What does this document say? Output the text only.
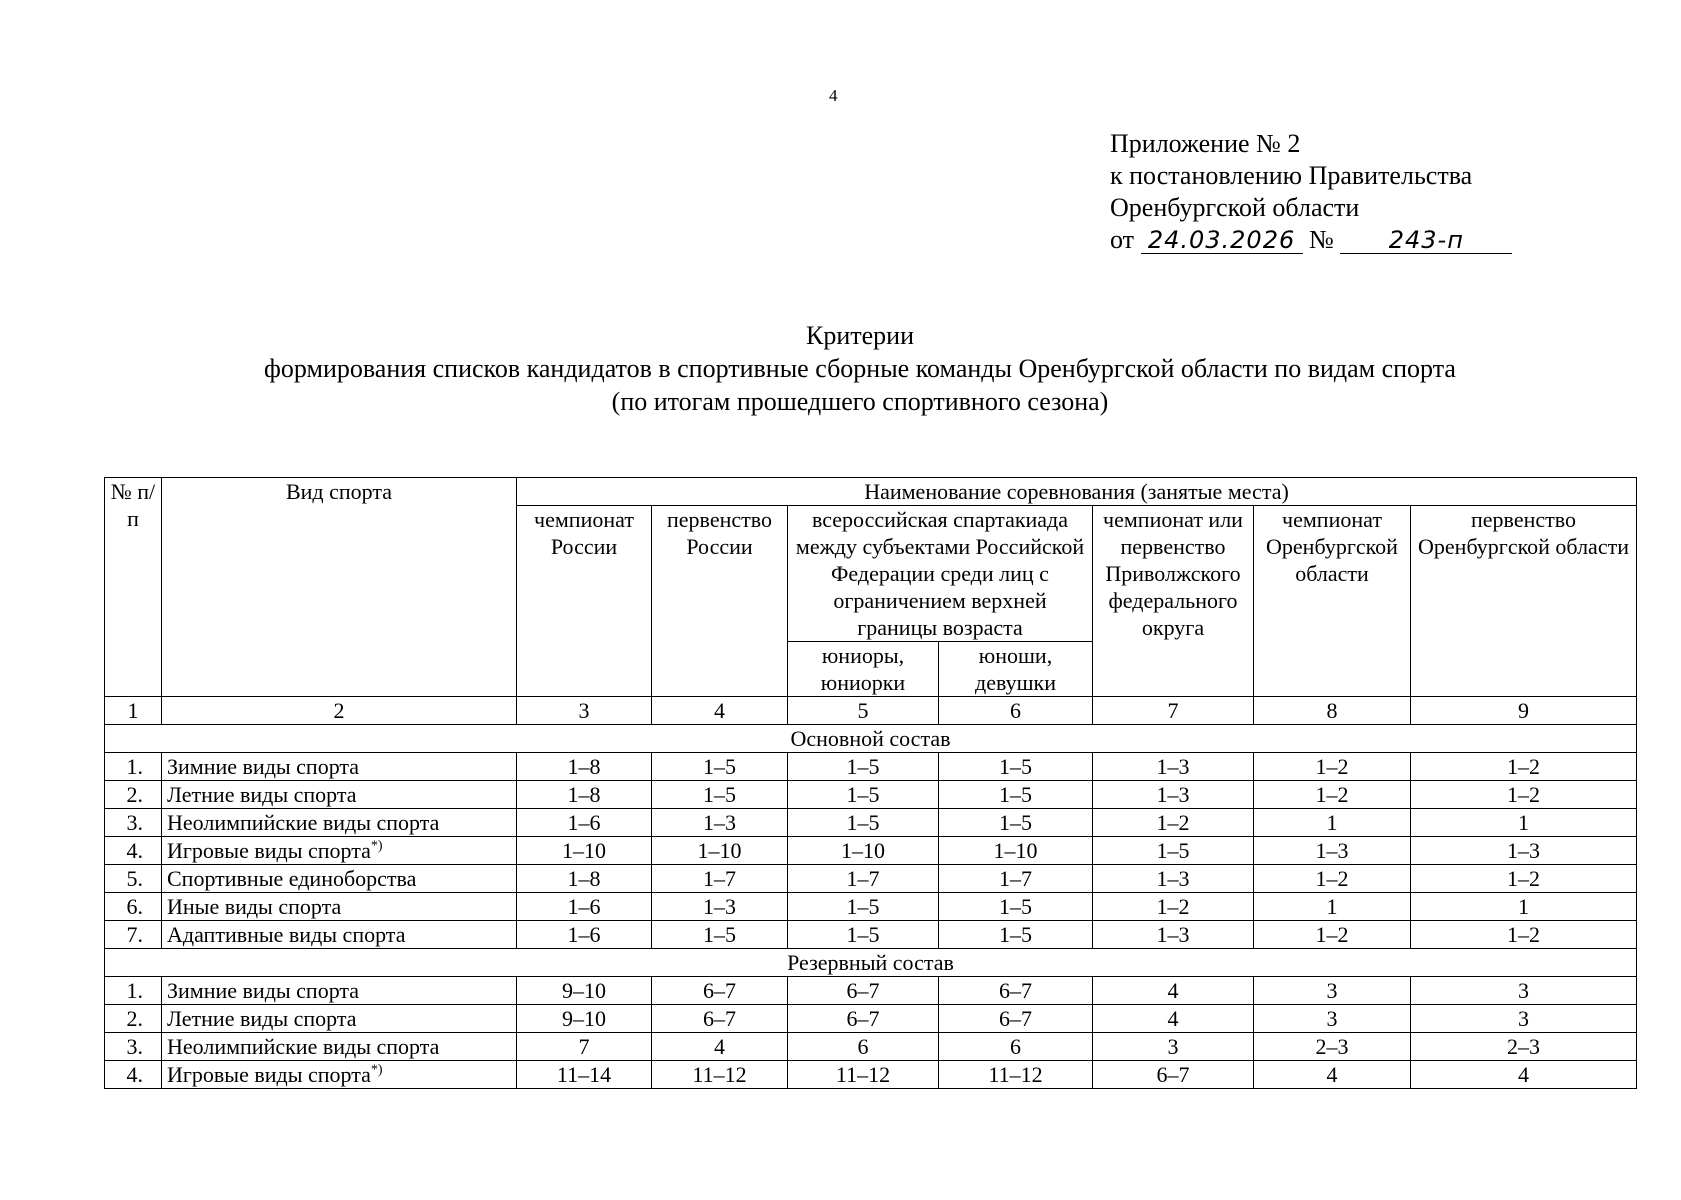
4
Приложение № 2
к постановлению Правительства
Оренбургской области
от 24.03.2026 № 243-п
Критерии
формирования списков кандидатов в спортивные сборные команды Оренбургской области по видам спорта
(по итогам прошедшего спортивного сезона)
№ п/п	Вид спорта	Наименование соревнования (занятые места)						
		чемпионат России	первенство России	всероссийская спартакиада между субъектами Российской Федерации среди лиц с ограничением верхней границы возраста		чемпионат или первенство Приволжского федерального округа	чемпионат Оренбургской области	первенство Оренбургской области
				юниоры, юниорки	юноши, девушки			
1	2	3	4	5	6	7	8	9
Основной состав								
1.	Зимние виды спорта	1–8	1–5	1–5	1–5	1–3	1–2	1–2
2.	Летние виды спорта	1–8	1–5	1–5	1–5	1–3	1–2	1–2
3.	Неолимпийские виды спорта	1–6	1–3	1–5	1–5	1–2	1	1
4.	Игровые виды спорта*)	1–10	1–10	1–10	1–10	1–5	1–3	1–3
5.	Спортивные единоборства	1–8	1–7	1–7	1–7	1–3	1–2	1–2
6.	Иные виды спорта	1–6	1–3	1–5	1–5	1–2	1	1
7.	Адаптивные виды спорта	1–6	1–5	1–5	1–5	1–3	1–2	1–2
Резервный состав								
1.	Зимние виды спорта	9–10	6–7	6–7	6–7	4	3	3
2.	Летние виды спорта	9–10	6–7	6–7	6–7	4	3	3
3.	Неолимпийские виды спорта	7	4	6	6	3	2–3	2–3
4.	Игровые виды спорта*)	11–14	11–12	11–12	11–12	6–7	4	4
